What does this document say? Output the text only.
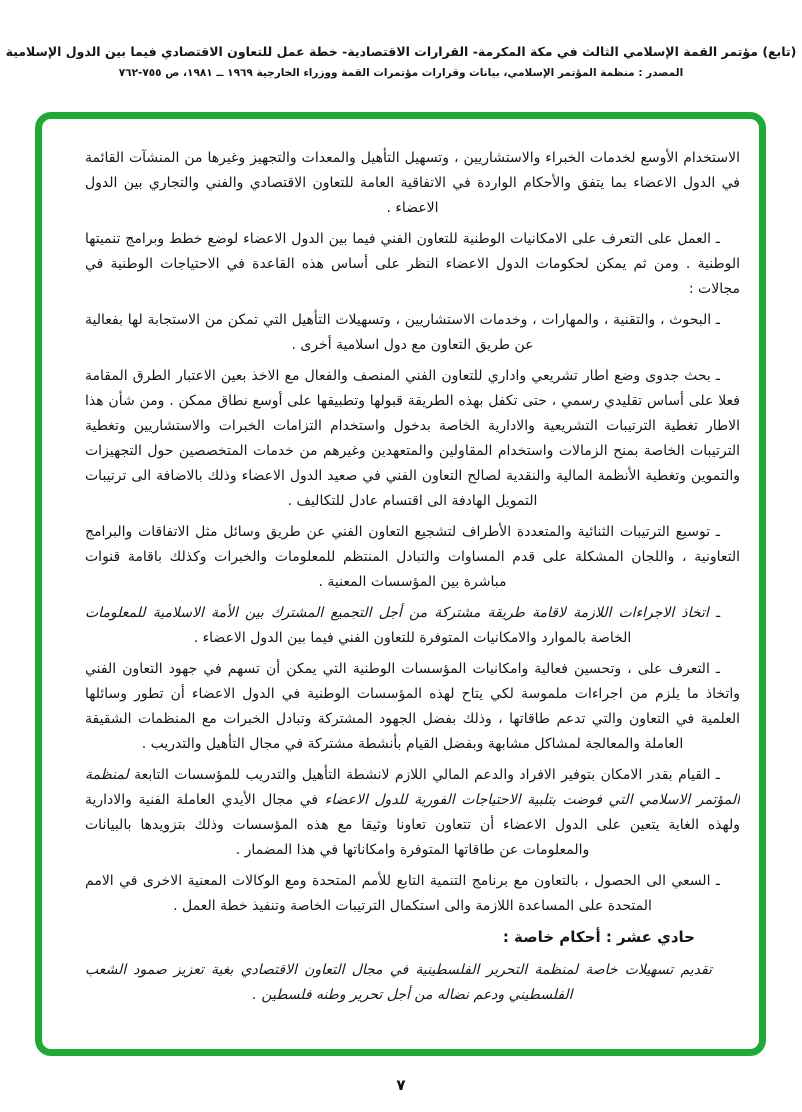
(تابع) مؤتمر القمة الإسلامي الثالث في مكة المكرمة- القرارات الاقتصادية- خطة عمل للتعاون الاقتصادي فيما بين الدول الإسلامية
المصدر : منظمة المؤتمر الإسلامي، بيانات وقرارات مؤتمرات القمة ووزراء الخارجية ١٩٦٩ ــ ١٩٨١، ص ٧٥٥-٧٦٢

الاستخدام الأوسع لخدمات الخبراء والاستشاريين ، وتسهيل التأهيل والمعدات والتجهيز وغيرها من المنشآت القائمة في الدول الاعضاء بما يتفق والأحكام الواردة في الاتفاقية العامة للتعاون الاقتصادي والفني والتجاري بين الدول الاعضاء .

ـ العمل على التعرف على الامكانيات الوطنية للتعاون الفني فيما بين الدول الاعضاء لوضع خطط وبرامج تنميتها الوطنية . ومن ثم يمكن لحكومات الدول الاعضاء النظر على أساس هذه القاعدة في الاحتياجات الوطنية في مجالات :

ـ البحوث ، والتقنية ، والمهارات ، وخدمات الاستشاريين ، وتسهيلات التأهيل التي تمكن من الاستجابة لها بفعالية عن طريق التعاون مع دول اسلامية أخرى .

ـ بحث جدوى وضع اطار تشريعي واداري للتعاون الفني المنصف والفعال مع الاخذ بعين الاعتبار الطرق المقامة فعلا على أساس تقليدي رسمي ، حتى تكفل بهذه الطريقة قبولها وتطبيقها على أوسع نطاق ممكن . ومن شأن هذا الاطار تغطية الترتيبات التشريعية والادارية الخاصة بدخول واستخدام التزامات الخبرات والاستشاريين وتغطية الترتيبات الخاصة بمنح الزمالات واستخدام المقاولين والمتعهدين وغيرهم من خدمات المتخصصين حول التجهيزات والتموين وتغطية الأنظمة المالية والنقدية لصالح التعاون الفني في صعيد الدول الاعضاء وذلك بالاضافة الى ترتيبات التمويل الهادفة الى اقتسام عادل للتكاليف .

ـ توسيع الترتيبات الثنائية والمتعددة الأطراف لتشجيع التعاون الفني عن طريق وسائل مثل الاتفاقات والبرامج التعاونية ، واللجان المشكلة على قدم المساوات والتبادل المنتظم للمعلومات والخبرات وكذلك باقامة قنوات مباشرة بين المؤسسات المعنية .

ـ اتخاذ الاجراءات اللازمة لاقامة طريقة مشتركة من أجل التجميع المشترك بين الأمة الاسلامية للمعلومات الخاصة بالموارد والامكانيات المتوفرة للتعاون الفني فيما بين الدول الاعضاء .

ـ التعرف على ، وتحسين فعالية وامكانيات المؤسسات الوطنية التي يمكن أن تسهم في جهود التعاون الفني واتخاذ ما يلزم من اجراءات ملموسة لكي يتاح لهذه المؤسسات الوطنية في الدول الاعضاء أن تطور وسائلها العلمية في التعاون والتي تدعم طاقاتها ، وذلك بفضل الجهود المشتركة وتبادل الخبرات مع المنظمات الشقيقة العاملة والمعالجة لمشاكل مشابهة وبفضل القيام بأنشطة مشتركة في مجال التأهيل والتدريب .

ـ القيام بقدر الامكان بتوفير الافراد والدعم المالي اللازم لانشطة التأهيل والتدريب للمؤسسات التابعة لمنظمة المؤتمر الاسلامي التي فوضت بتلبية الاحتياجات الفورية للدول الاعضاء في مجال الأيدي العاملة الفنية والادارية ولهذه الغاية يتعين على الدول الاعضاء أن تتعاون تعاونا وثيقا مع هذه المؤسسات وذلك بتزويدها بالبيانات والمعلومات عن طاقاتها المتوفرة وامكاناتها في هذا المضمار .

ـ السعي الى الحصول ، بالتعاون مع برنامج التنمية التابع للأمم المتحدة ومع الوكالات المعنية الاخرى في الامم المتحدة على المساعدة اللازمة والى استكمال الترتيبات الخاصة وتنفيذ خطة العمل .

حادي عشر : أحكام خاصة :

تقديم تسهيلات خاصة لمنظمة التحرير الفلسطينية في مجال التعاون الاقتصادي بغية تعزيز صمود الشعب الفلسطيني ودعم نضاله من أجل تحرير وطنه فلسطين .

٧
